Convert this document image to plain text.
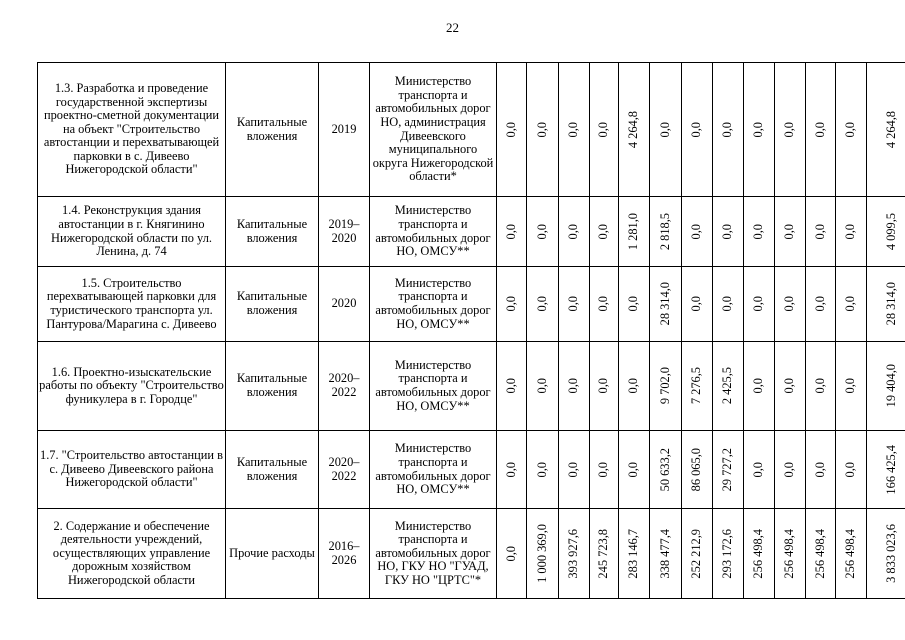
22
1.3. Разработка и проведение государственной экспертизы проектно-сметной документации на объект "Строительство автостанции и перехватывающей парковки в с. Дивеево Нижегородской области"	Капитальные вложения	2019	Министерство транспорта и автомобильных дорог НО, администрация Дивеевского муниципального округа Нижегородской области*	0,0	0,0	0,0	0,0	4 264,8	0,0	0,0	0,0	0,0	0,0	0,0	0,0	4 264,8

1.4. Реконструкция здания автостанции в г. Княгинино Нижегородской области по ул. Ленина, д. 74	Капитальные вложения	2019–2020	Министерство транспорта и автомобильных дорог НО, ОМСУ**	0,0	0,0	0,0	0,0	1 281,0	2 818,5	0,0	0,0	0,0	0,0	0,0	0,0	4 099,5

1.5. Строительство перехватывающей парковки для туристического транспорта ул. Пантурова/Марагина с. Дивеево	Капитальные вложения	2020	Министерство транспорта и автомобильных дорог НО, ОМСУ**	0,0	0,0	0,0	0,0	0,0	28 314,0	0,0	0,0	0,0	0,0	0,0	0,0	28 314,0

1.6. Проектно-изыскательские работы по объекту "Строительство фуникулера в г. Городце"	Капитальные вложения	2020–2022	Министерство транспорта и автомобильных дорог НО, ОМСУ**	0,0	0,0	0,0	0,0	0,0	9 702,0	7 276,5	2 425,5	0,0	0,0	0,0	0,0	19 404,0

1.7. "Строительство автостанции в с. Дивеево Дивеевского района Нижегородской области"	Капитальные вложения	2020–2022	Министерство транспорта и автомобильных дорог НО, ОМСУ**	0,0	0,0	0,0	0,0	0,0	50 633,2	86 065,0	29 727,2	0,0	0,0	0,0	0,0	166 425,4

2. Содержание и обеспечение деятельности учреждений, осуществляющих управление дорожным хозяйством Нижегородской области	Прочие расходы	2016–2026	Министерство транспорта и автомобильных дорог НО, ГКУ НО "ГУАД, ГКУ НО "ЦРТС"*	0,0	1 000 369,0	393 927,6	245 723,8	283 146,7	338 477,4	252 212,9	293 172,6	256 498,4	256 498,4	256 498,4	256 498,4	3 833 023,6
